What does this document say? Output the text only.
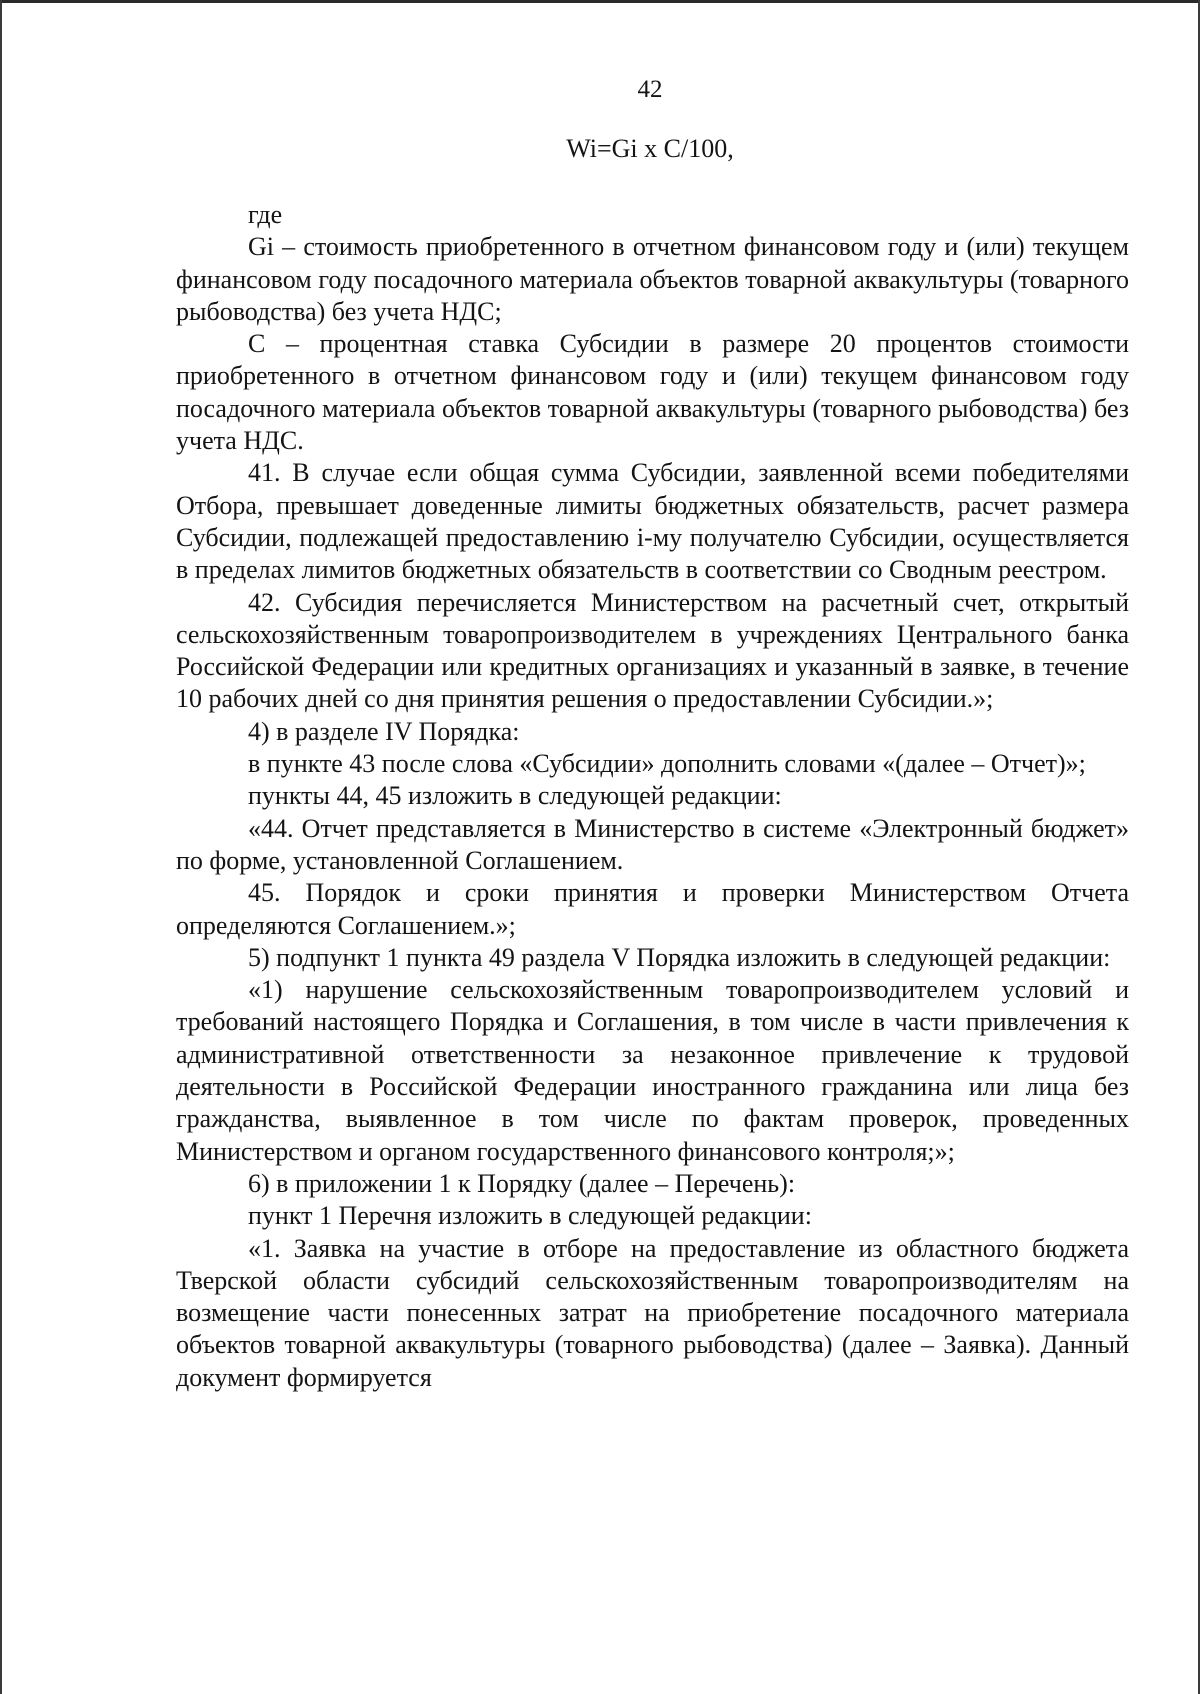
42
Wi=Gi x C/100,

где

Gi – стоимость приобретенного в отчетном финансовом году и (или) текущем финансовом году посадочного материала объектов товарной аквакультуры (товарного рыбоводства) без учета НДС;

С – процентная ставка Субсидии в размере 20 процентов стоимости приобретенного в отчетном финансовом году и (или) текущем финансовом году посадочного материала объектов товарной аквакультуры (товарного рыбоводства) без учета НДС.

41. В случае если общая сумма Субсидии, заявленной всеми победителями Отбора, превышает доведенные лимиты бюджетных обязательств, расчет размера Субсидии, подлежащей предоставлению i-му получателю Субсидии, осуществляется в пределах лимитов бюджетных обязательств в соответствии со Сводным реестром.

42. Субсидия перечисляется Министерством на расчетный счет, открытый сельскохозяйственным товаропроизводителем в учреждениях Центрального банка Российской Федерации или кредитных организациях и указанный в заявке, в течение 10 рабочих дней со дня принятия решения о предоставлении Субсидии.»;

4) в разделе IV Порядка:

в пункте 43 после слова «Субсидии» дополнить словами «(далее – Отчет)»;

пункты 44, 45 изложить в следующей редакции:

«44. Отчет представляется в Министерство в системе «Электронный бюджет» по форме, установленной Соглашением.

45. Порядок и сроки принятия и проверки Министерством Отчета определяются Соглашением.»;

5) подпункт 1 пункта 49 раздела V Порядка изложить в следующей редакции:

«1) нарушение сельскохозяйственным товаропроизводителем условий и требований настоящего Порядка и Соглашения, в том числе в части привлечения к административной ответственности за незаконное привлечение к трудовой деятельности в Российской Федерации иностранного гражданина или лица без гражданства, выявленное в том числе по фактам проверок, проведенных Министерством и органом государственного финансового контроля;»;

6) в приложении 1 к Порядку (далее – Перечень):

пункт 1 Перечня изложить в следующей редакции:

«1. Заявка на участие в отборе на предоставление из областного бюджета Тверской области субсидий сельскохозяйственным товаропроизводителям на возмещение части понесенных затрат на приобретение посадочного материала объектов товарной аквакультуры (товарного рыбоводства) (далее – Заявка). Данный документ формируется
